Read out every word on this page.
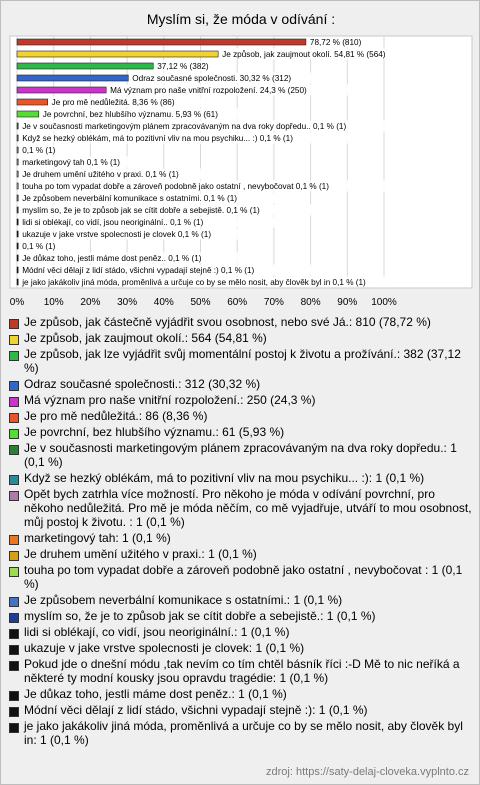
Myslím si, že móda v odívání :
78,72 % (810)
Je způsob, jak zaujmout okolí. 54,81 % (564)
37,12 % (382)
Odraz současné společnosti. 30,32 % (312)
Má význam pro naše vnitřní rozpoložení. 24,3 % (250)
Je pro mě nedůležitá. 8,36 % (86)
Je povrchní, bez hlubšího významu. 5,93 % (61)
Je v současnosti marketingovým plánem zpracovávaným na dva roky dopředu.. 0,1 % (1)
Když se hezký oblékám, má to pozitivní vliv na mou psychiku... :) 0,1 % (1)
0,1 % (1)
marketingový tah 0,1 % (1)
Je druhem umění užitého v praxi. 0,1 % (1)
touha po tom vypadat dobře a zároveň podobně jako ostatní , nevybočovat 0,1 % (1)
Je způsobem neverbální komunikace s ostatními. 0,1 % (1)
myslím so, že je to způsob jak se cítit dobře a sebejistě. 0,1 % (1)
lidi si oblékají, co vidí, jsou neoriginální.. 0,1 % (1)
ukazuje v jake vrstve spolecnosti je clovek 0,1 % (1)
0,1 % (1)
Je důkaz toho, jestli máme dost peněz.. 0,1 % (1)
Módní věci dělají z lidí stádo, všichni vypadají stejně :) 0,1 % (1)
je jako jakákoliv jiná móda, proměnlivá a určuje co by se mělo nosit, aby člověk byl in 0,1 % (1)
0% 10% 20% 30% 40% 50% 60% 70% 80% 90% 100%
Je způsob, jak částečně vyjádřit svou osobnost, nebo své Já.: 810 (78,72 %)
Je způsob, jak zaujmout okolí.: 564 (54,81 %)
Je způsob, jak lze vyjádřit svůj momentální postoj k životu a prožívání.: 382 (37,12 %)
Odraz současné společnosti.: 312 (30,32 %)
Má význam pro naše vnitřní rozpoložení.: 250 (24,3 %)
Je pro mě nedůležitá.: 86 (8,36 %)
Je povrchní, bez hlubšího významu.: 61 (5,93 %)
Je v současnosti marketingovým plánem zpracovávaným na dva roky dopředu.: 1 (0,1 %)
Když se hezký oblékám, má to pozitivní vliv na mou psychiku... :): 1 (0,1 %)
Opět bych zatrhla více možností. Pro někoho je móda v odívání povrchní, pro někoho nedůležitá. Pro mě je móda něčím, co mě vyjadřuje, utváří to mou osobnost, můj postoj k životu. : 1 (0,1 %)
marketingový tah: 1 (0,1 %)
Je druhem umění užitého v praxi.: 1 (0,1 %)
touha po tom vypadat dobře a zároveň podobně jako ostatní , nevybočovat : 1 (0,1 %)
Je způsobem neverbální komunikace s ostatními.: 1 (0,1 %)
myslím so, že je to způsob jak se cítit dobře a sebejistě.: 1 (0,1 %)
lidi si oblékají, co vidí, jsou neoriginální.: 1 (0,1 %)
ukazuje v jake vrstve spolecnosti je clovek: 1 (0,1 %)
Pokud jde o dnešní módu ,tak nevím co tím chtěl básník říci :-D Mě to nic neříká a některé ty modní kousky jsou opravdu tragédie: 1 (0,1 %)
Je důkaz toho, jestli máme dost peněz.: 1 (0,1 %)
Módní věci dělají z lidí stádo, všichni vypadají stejně :): 1 (0,1 %)
je jako jakákoliv jiná móda, proměnlivá a určuje co by se mělo nosit, aby člověk byl in: 1 (0,1 %)
zdroj: https://saty-delaj-cloveka.vyplnto.cz
